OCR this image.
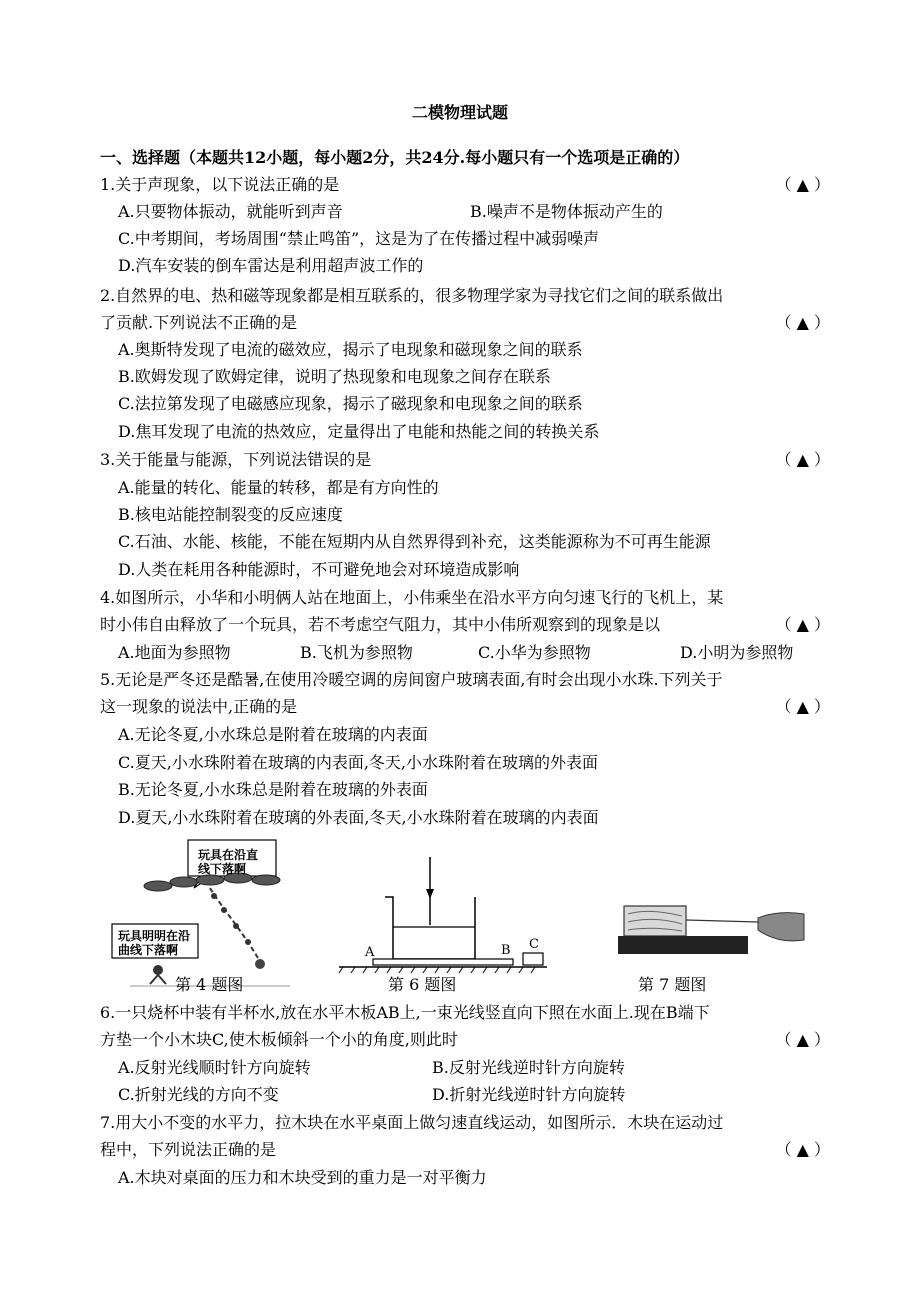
二模物理试题
一、选择题（本题共12小题，每小题2分，共24分.每小题只有一个选项是正确的）
1.关于声现象，以下说法正确的是	（ ▲ ）
A.只要物体振动，就能听到声音	B.噪声不是物体振动产生的
C.中考期间，考场周围“禁止鸣笛”，这是为了在传播过程中减弱噪声
D.汽车安装的倒车雷达是利用超声波工作的
2.自然界的电、热和磁等现象都是相互联系的，很多物理学家为寻找它们之间的联系做出
了贡献.下列说法不正确的是	（ ▲ ）
A.奥斯特发现了电流的磁效应，揭示了电现象和磁现象之间的联系
B.欧姆发现了欧姆定律，说明了热现象和电现象之间存在联系
C.法拉第发现了电磁感应现象，揭示了磁现象和电现象之间的联系
D.焦耳发现了电流的热效应，定量得出了电能和热能之间的转换关系
3.关于能量与能源，下列说法错误的是	（ ▲ ）
A.能量的转化、能量的转移，都是有方向性的
B.核电站能控制裂变的反应速度
C.石油、水能、核能，不能在短期内从自然界得到补充，这类能源称为不可再生能源
D.人类在耗用各种能源时，不可避免地会对环境造成影响
4.如图所示，小华和小明俩人站在地面上，小伟乘坐在沿水平方向匀速飞行的飞机上，某
时小伟自由释放了一个玩具，若不考虑空气阻力，其中小伟所观察到的现象是以	（ ▲ ）
A.地面为参照物	B.飞机为参照物	C.小华为参照物	D.小明为参照物
5.无论是严冬还是酷暑,在使用冷暖空调的房间窗户玻璃表面,有时会出现小水珠.下列关于
这一现象的说法中,正确的是	（ ▲ ）
A.无论冬夏,小水珠总是附着在玻璃的内表面
C.夏天,小水珠附着在玻璃的内表面,冬天,小水珠附着在玻璃的外表面
B.无论冬夏,小水珠总是附着在玻璃的外表面
D.夏天,小水珠附着在玻璃的外表面,冬天,小水珠附着在玻璃的内表面
玩具在沿直
线下落啊
玩具明明在沿
曲线下落啊
第 4 题图
A	B C
第 6 题图	第 7 题图
6.一只烧杯中装有半杯水,放在水平木板AB上,一束光线竖直向下照在水面上.现在B端下
方垫一个小木块C,使木板倾斜一个小的角度,则此时	（ ▲ ）
A.反射光线顺时针方向旋转	B.反射光线逆时针方向旋转
C.折射光线的方向不变	D.折射光线逆时针方向旋转
7.用大小不变的水平力，拉木块在水平桌面上做匀速直线运动，如图所示．木块在运动过
程中，下列说法正确的是	（ ▲ ）
A.木块对桌面的压力和木块受到的重力是一对平衡力
